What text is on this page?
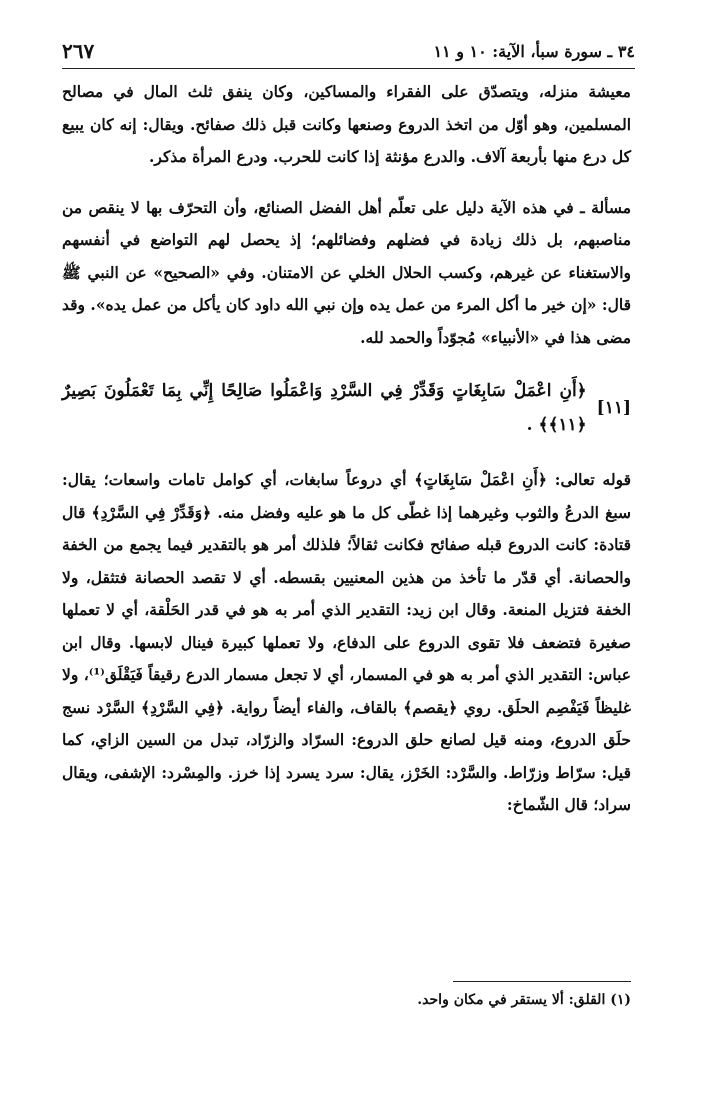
٣٤ ـ سورة سبأ، الآية: ١٠ و ١١
٢٦٧

معيشة منزله، ويتصدّق على الفقراء والمساكين، وكان ينفق ثلث المال في مصالح المسلمين، وهو أوّل من اتخذ الدروع وصنعها وكانت قبل ذلك صفائح. ويقال: إنه كان يبيع كل درع منها بأربعة آلاف. والدرع مؤنثة إذا كانت للحرب. ودرع المرأة مذكر.

مسألة ـ في هذه الآية دليل على تعلّم أهل الفضل الصنائع، وأن التحرّف بها لا ينقص من مناصبهم، بل ذلك زيادة في فضلهم وفضائلهم؛ إذ يحصل لهم التواضع في أنفسهم والاستغناء عن غيرهم، وكسب الحلال الخلي عن الامتنان. وفي «الصحيح» عن النبي ﷺ قال: «إن خير ما أكل المرء من عمل يده وإن نبي الله داود كان يأكل من عمل يده». وقد مضى هذا في «الأنبياء» مُجوّداً والحمد لله.

[١١]
﴿أَنِ اعْمَلْ سَابِغَاتٍ وَقَدِّرْ فِي السَّرْدِ وَاعْمَلُوا صَالِحًا إِنِّي بِمَا تَعْمَلُونَ بَصِيرٌ ﴿١١﴾﴾ .

قوله تعالى: ﴿أَنِ اعْمَلْ سَابِغَاتٍ﴾ أي دروعاً سابغات، أي كوامل تامات واسعات؛ يقال: سبغ الدرعُ والثوب وغيرهما إذا غطّى كل ما هو عليه وفضل منه. ﴿وَقَدِّرْ فِي السَّرْدِ﴾ قال قتادة: كانت الدروع قبله صفائح فكانت ثقالاً؛ فلذلك أمر هو بالتقدير فيما يجمع من الخفة والحصانة. أي قدّر ما تأخذ من هذين المعنيين بقسطه. أي لا تقصد الحصانة فتثقل، ولا الخفة فتزيل المنعة. وقال ابن زيد: التقدير الذي أمر به هو في قدر الحَلْقة، أي لا تعملها صغيرة فتضعف فلا تقوى الدروع على الدفاع، ولا تعملها كبيرة فينال لابسها. وقال ابن عباس: التقدير الذي أمر به هو في المسمار، أي لا تجعل مسمار الدرع رقيقاً فَيَقْلَق⁽¹⁾، ولا غليظاً فَيَفْصِم الحلَق. روي ﴿يقصم﴾ بالقاف، والفاء أيضاً رواية. ﴿فِي السَّرْدِ﴾ السَّرْد نسج حلَق الدروع، ومنه قيل لصانع حلق الدروع: السرّاد والزرّاد، تبدل من السين الزاي، كما قيل: سرّاط وزرّاط. والسَّرْد: الخَرْز، يقال: سرد يسرد إذا خرز. والمِسْرد: الإشفى، ويقال سراد؛ قال الشّماخ:

(١) القلق: ألا يستقر في مكان واحد.
